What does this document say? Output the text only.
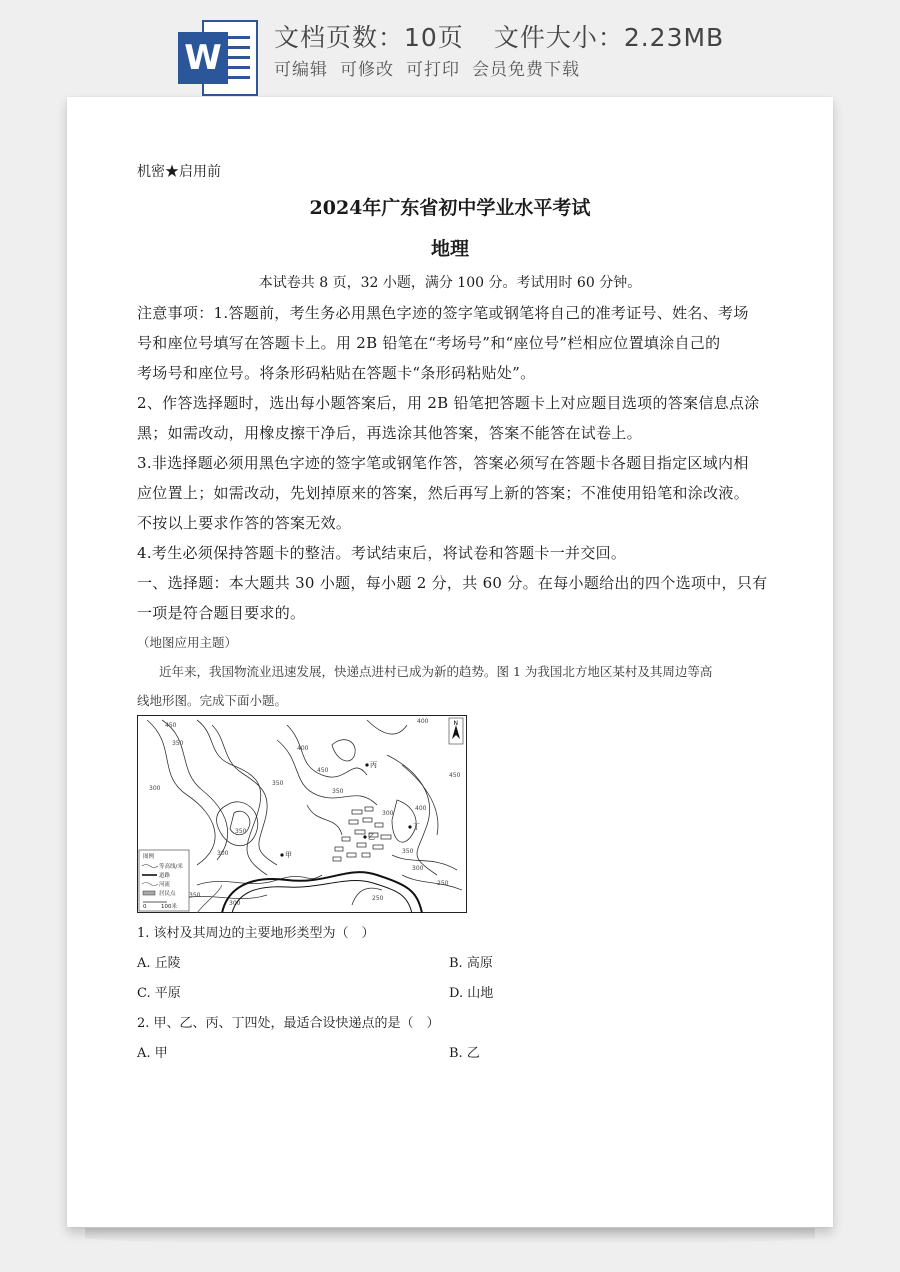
W
文档页数：10页 文件大小：2.23MB
可编辑 可修改 可打印 会员免费下载
机密★启用前
2024年广东省初中学业水平考试
地理
本试卷共 8 页，32 小题，满分 100 分。考试用时 60 分钟。
注意事项：1.答题前，考生务必用黑色字迹的签字笔或钢笔将自己的准考证号、姓名、考场
号和座位号填写在答题卡上。用 2B 铅笔在“考场号”和“座位号”栏相应位置填涂自己的
考场号和座位号。将条形码粘贴在答题卡“条形码粘贴处”。
2、作答选择题时，选出每小题答案后，用 2B 铅笔把答题卡上对应题目选项的答案信息点涂
黑；如需改动，用橡皮擦干净后，再选涂其他答案，答案不能答在试卷上。
3.非选择题必须用黑色字迹的签字笔或钢笔作答，答案必须写在答题卡各题目指定区域内相
应位置上；如需改动，先划掉原来的答案，然后再写上新的答案；不准使用铅笔和涂改液。
不按以上要求作答的答案无效。
4.考生必须保持答题卡的整洁。考试结束后，将试卷和答题卡一并交回。
一、选择题：本大题共 30 小题，每小题 2 分，共 60 分。在每小题给出的四个选项中，只有
一项是符合题目要求的。
（地图应用主题）
近年来，我国物流业迅速发展，快递点进村已成为新的趋势。图 1 为我国北方地区某村及其周边等高
线地形图。完成下面小题。
400
450
350
300
400
450
350
300
450
400
350
300	350
300
250
350
300
250
350
甲
乙
丙
丁
N
图例
等高线/米
道路
河流
居民点
0	100米
1. 该村及其周边的主要地形类型为（　）
A. 丘陵	B. 高原
C. 平原	D. 山地
2. 甲、乙、丙、丁四处，最适合设快递点的是（　）
A. 甲	B. 乙
